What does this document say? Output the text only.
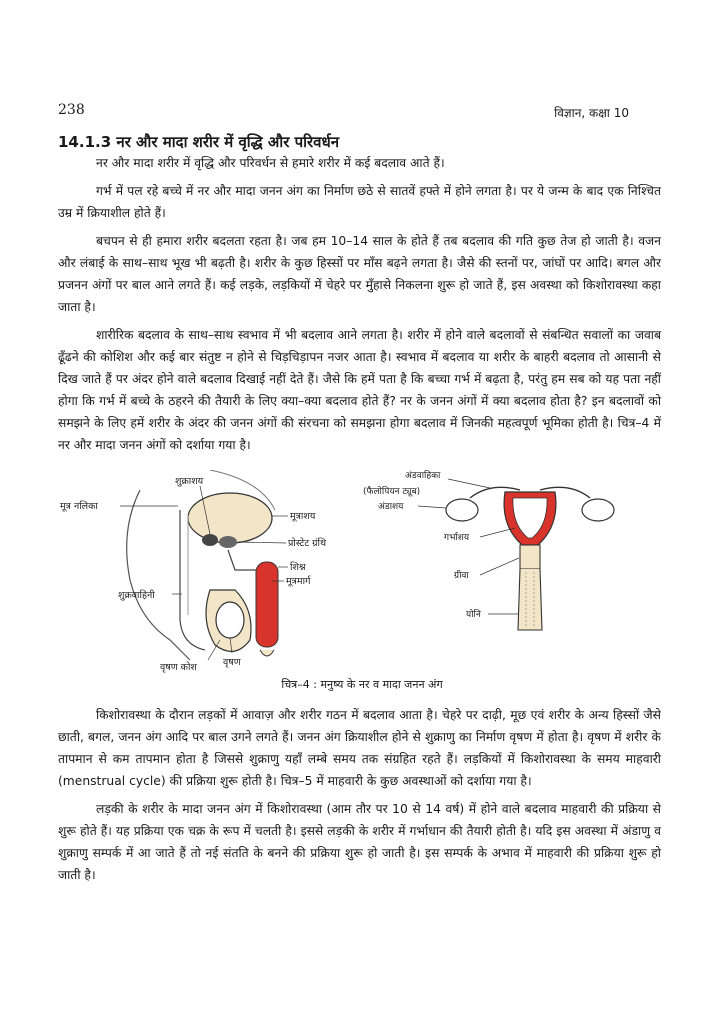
238	विज्ञान, कक्षा 10
14.1.3 नर और मादा शरीर में वृद्धि और परिवर्धन

नर और मादा शरीर में वृद्धि और परिवर्धन से हमारे शरीर में कई बदलाव आते हैं।

गर्भ में पल रहे बच्चे में नर और मादा जनन अंग का निर्माण छठे से सातवें हफ्ते में होने लगता है। पर ये जन्म के बाद एक निश्चित उम्र में क्रियाशील होते हैं।

बचपन से ही हमारा शरीर बदलता रहता है। जब हम 10–14 साल के होते हैं तब बदलाव की गति कुछ तेज हो जाती है। वजन और लंबाई के साथ–साथ भूख भी बढ़ती है। शरीर के कुछ हिस्सों पर माँस बढ़ने लगता है। जैसे की स्तनों पर, जांघों पर आदि। बगल और प्रजनन अंगों पर बाल आने लगते हैं। कई लड़के, लड़कियों में चेहरे पर मुँहासे निकलना शुरू हो जाते हैं, इस अवस्था को किशोरावस्था कहा जाता है।

शारीरिक बदलाव के साथ–साथ स्वभाव में भी बदलाव आने लगता है। शरीर में होने वाले बदलावों से संबन्धित सवालों का जवाब ढूँढने की कोशिश और कई बार संतुष्ट न होने से चिड़चिड़ापन नजर आता है। स्वभाव में बदलाव या शरीर के बाहरी बदलाव तो आसानी से दिख जाते हैं पर अंदर होने वाले बदलाव दिखाई नहीं देते हैं। जैसे कि हमें पता है कि बच्चा गर्भ में बढ़ता है, परंतु हम सब को यह पता नहीं होगा कि गर्भ में बच्चे के ठहरने की तैयारी के लिए क्या–क्या बदलाव होते हैं? नर के जनन अंगों में क्या बदलाव होता है? इन बदलावों को समझने के लिए हमें शरीर के अंदर की जनन अंगों की संरचना को समझना होगा बदलाव में जिनकी महत्वपूर्ण भूमिका होती है। चित्र–4 में नर और मादा जनन अंगों को दर्शाया गया है।

शुक्राशय
मूत्र नलिका
मूत्राशय
प्रोस्टेट ग्रंथि
शिश्न
मूत्रमार्ग
शुक्रवाहिनी
वृषण कोश	वृषण
अंडवाहिका
(फैलोपियन ट्यूब)
अंडाशय
गर्भाशय
ग्रीवा
योनि
चित्र–4 : मनुष्य के नर व मादा जनन अंग

किशोरावस्था के दौरान लड़कों में आवाज़ और शरीर गठन में बदलाव आता है। चेहरे पर दाढ़ी, मूछ एवं शरीर के अन्य हिस्सों जैसे छाती, बगल, जनन अंग आदि पर बाल उगने लगते हैं। जनन अंग क्रियाशील होने से शुक्राणु का निर्माण वृषण में होता है। वृषण में शरीर के तापमान से कम तापमान होता है जिससे शुक्राणु यहाँ लम्बे समय तक संग्रहित रहते हैं। लड़कियों में किशोरावस्था के समय माहवारी (menstrual cycle) की प्रक्रिया शुरू होती है। चित्र–5 में माहवारी के कुछ अवस्थाओं को दर्शाया गया है।

लड़की के शरीर के मादा जनन अंग में किशोरावस्था (आम तौर पर 10 से 14 वर्ष) में होने वाले बदलाव माहवारी की प्रक्रिया से शुरू होते हैं। यह प्रक्रिया एक चक्र के रूप में चलती है। इससे लड़की के शरीर में गर्भाधान की तैयारी होती है। यदि इस अवस्था में अंडाणु व शुक्राणु सम्पर्क में आ जाते हैं तो नई संतति के बनने की प्रक्रिया शुरू हो जाती है। इस सम्पर्क के अभाव में माहवारी की प्रक्रिया शुरू हो जाती है।
